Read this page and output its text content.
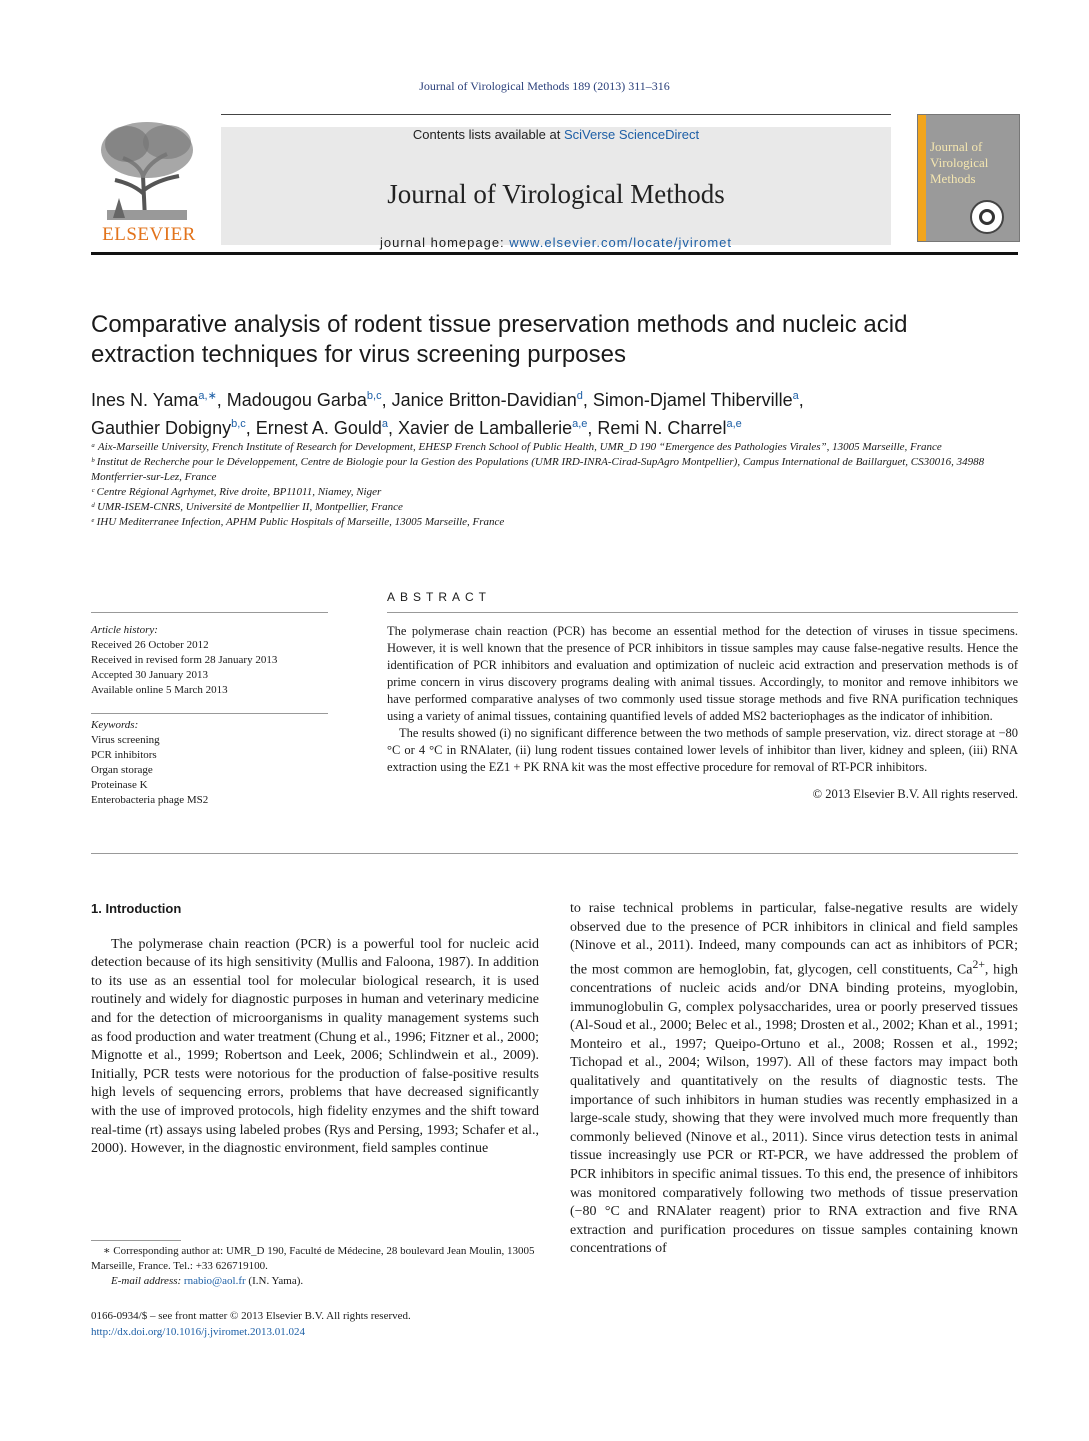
Journal of Virological Methods 189 (2013) 311–316
ELSEVIER
Contents lists available at SciVerse ScienceDirect
Journal of Virological Methods
journal homepage: www.elsevier.com/locate/jviromet
Journal of Virological Methods
Comparative analysis of rodent tissue preservation methods and nucleic acid extraction techniques for virus screening purposes
Ines N. Yama$^{a,∗}$, Madougou Garba$^{b,c}$, Janice Britton-Davidian$^d$, Simon-Djamel Thiberville$^a$,
Gauthier Dobigny$^{b,c}$, Ernest A. Gould$^a$, Xavier de Lamballerie$^{a,e}$, Remi N. Charrel$^{a,e}$

ᵃ Aix-Marseille University, French Institute of Research for Development, EHESP French School of Public Health, UMR_D 190 “Emergence des Pathologies Virales”, 13005 Marseille, France

ᵇ Institut de Recherche pour le Développement, Centre de Biologie pour la Gestion des Populations (UMR IRD-INRA-Cirad-SupAgro Montpellier), Campus International de Baillarguet, CS30016, 34988 Montferrier-sur-Lez, France

ᶜ Centre Régional Agrhymet, Rive droite, BP11011, Niamey, Niger

ᵈ UMR-ISEM-CNRS, Université de Montpellier II, Montpellier, France

ᵉ IHU Mediterranee Infection, APHM Public Hospitals of Marseille, 13005 Marseille, France

ABSTRACT

Article history:

Received 26 October 2012

Received in revised form 28 January 2013

Accepted 30 January 2013

Available online 5 March 2013

Keywords:

Virus screening

PCR inhibitors

Organ storage

Proteinase K

Enterobacteria phage MS2

The polymerase chain reaction (PCR) has become an essential method for the detection of viruses in tissue specimens. However, it is well known that the presence of PCR inhibitors in tissue samples may cause false-negative results. Hence the identification of PCR inhibitors and evaluation and optimization of nucleic acid extraction and preservation methods is of prime concern in virus discovery programs dealing with animal tissues. Accordingly, to monitor and remove inhibitors we have performed comparative analyses of two commonly used tissue storage methods and five RNA purification techniques using a variety of animal tissues, containing quantified levels of added MS2 bacteriophages as the indicator of inhibition.

The results showed (i) no significant difference between the two methods of sample preservation, viz. direct storage at −80 °C or 4 °C in RNAlater, (ii) lung rodent tissues contained lower levels of inhibitor than liver, kidney and spleen, (iii) RNA extraction using the EZ1 + PK RNA kit was the most effective procedure for removal of RT-PCR inhibitors.

© 2013 Elsevier B.V. All rights reserved.

1. Introduction

The polymerase chain reaction (PCR) is a powerful tool for nucleic acid detection because of its high sensitivity (Mullis and Faloona, 1987). In addition to its use as an essential tool for molecular biological research, it is used routinely and widely for diagnostic purposes in human and veterinary medicine and for the detection of microorganisms in quality management systems such as food production and water treatment (Chung et al., 1996; Fitzner et al., 2000; Mignotte et al., 1999; Robertson and Leek, 2006; Schlindwein et al., 2009). Initially, PCR tests were notorious for the production of false-positive results high levels of sequencing errors, problems that have decreased significantly with the use of improved protocols, high fidelity enzymes and the shift toward real-time (rt) assays using labeled probes (Rys and Persing, 1993; Schafer et al., 2000). However, in the diagnostic environment, field samples continue

to raise technical problems in particular, false-negative results are widely observed due to the presence of PCR inhibitors in clinical and field samples (Ninove et al., 2011). Indeed, many compounds can act as inhibitors of PCR; the most common are hemoglobin, fat, glycogen, cell constituents, $Ca^{2+}$, high concentrations of nucleic acids and/or DNA binding proteins, myoglobin, immunoglobulin G, complex polysaccharides, urea or poorly preserved tissues (Al-Soud et al., 2000; Belec et al., 1998; Drosten et al., 2002; Khan et al., 1991; Monteiro et al., 1997; Queipo-Ortuno et al., 2008; Rossen et al., 1992; Tichopad et al., 2004; Wilson, 1997). All of these factors may impact both qualitatively and quantitatively on the results of diagnostic tests. The importance of such inhibitors in human studies was recently emphasized in a large-scale study, showing that they were involved much more frequently than commonly believed (Ninove et al., 2011). Since virus detection tests in animal tissue increasingly use PCR or RT-PCR, we have addressed the problem of PCR inhibitors in specific animal tissues. To this end, the presence of inhibitors was monitored comparatively following two methods of tissue preservation (−80 °C and RNAlater reagent) prior to RNA extraction and five RNA extraction and purification procedures on tissue samples containing known concentrations of

∗ Corresponding author at: UMR_D 190, Faculté de Médecine, 28 boulevard Jean Moulin, 13005 Marseille, France. Tel.: +33 626719100.

E-mail address: rnabio@aol.fr (I.N. Yama).

0166-0934/$ – see front matter © 2013 Elsevier B.V. All rights reserved.

http://dx.doi.org/10.1016/j.jviromet.2013.01.024
